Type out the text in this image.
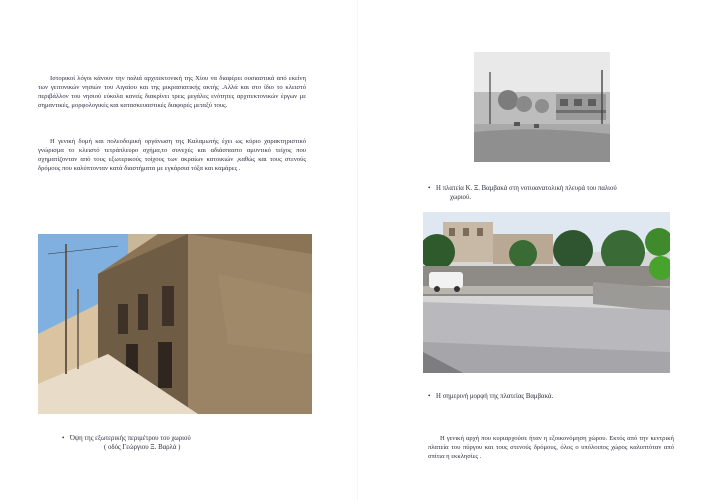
Ιστορικοί λόγοι κάνουν την παλιά αρχιτεκτονική της Χίου να διαφέρει ουσιαστικά από εκείνη των γειτονικών νησιών του Αιγαίου και της μικρασιατικής ακτής .Αλλά και στο ίδιο το κλειστό περιβάλλον του νησιού εύκολα κανείς διακρίνει τρεις μεγάλες ενότητες αρχιτεκτονικών έργων με σημαντικές, μορφολογικές και κατασκευαστικές διαφορές μεταξύ τους.
Η γενική δομή και πολεοδομική οργάνωση της Καλαμωτής έχει ως κύριο χαρακτηριστικό γνώρισμα το κλειστό τετράπλευρο σχήμα,το συνεχές και αδιάσπαστο αμυντικό τείχος που σχηματίζονταν από τους εξωτερικούς τοίχους των ακραίων κατοικιών ,καθώς και τους στενούς δρόμους που καλύπτονταν κατά διαστήματα με εγκάρσια τόξα και καμάρες .
• Η πλατεία Κ. Ξ. Βαμβακά στη νοτιοανατολική πλευρά του παλιού
χωριού.
• Όψη της εξωτερικής περιμέτρου του χωριού
( οδός Γεώργιου Ξ. Βαρλά )
• Η σημερινή μορφή της πλατείας Βαμβακά.
Η γενική αρχή που κυριαρχούσε ήταν η εξοικονόμηση χώρου. Εκτός από την κεντρική πλατεία του πύργου και τους στενούς δρόμους, όλος ο υπόλοιπος χώρος καλυπτόταν από σπίτια η εκκλησίες .
